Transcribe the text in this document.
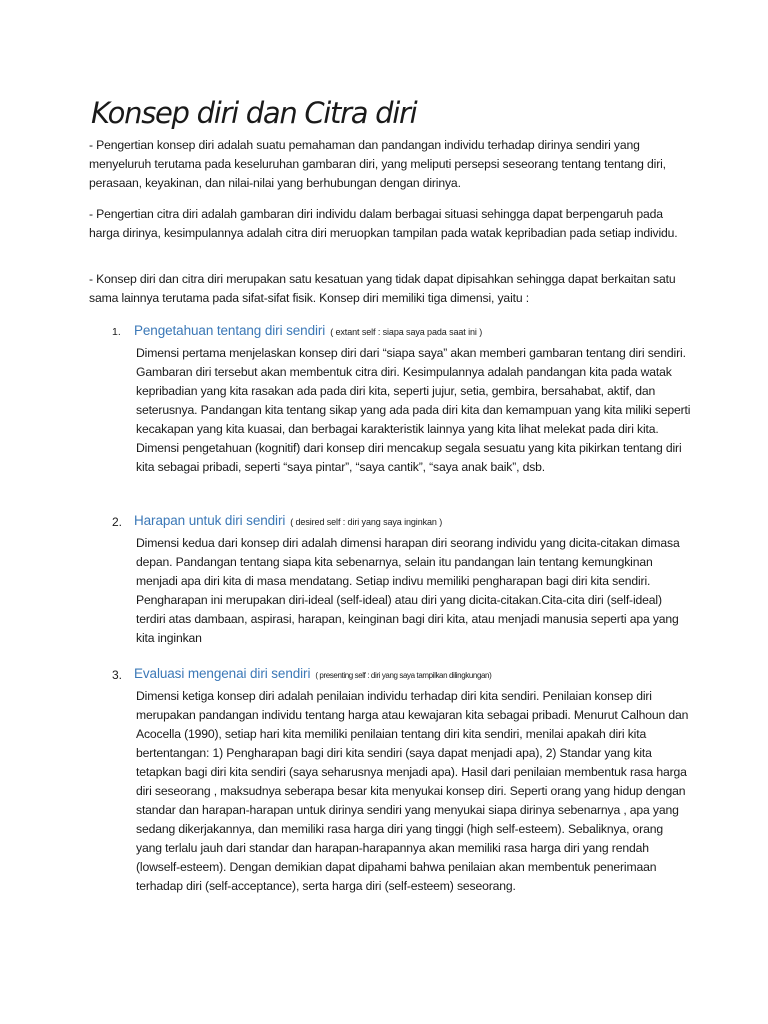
Konsep diri dan Citra diri

- Pengertian konsep diri adalah suatu pemahaman dan pandangan individu terhadap dirinya sendiri yang menyeluruh terutama pada keseluruhan gambaran diri, yang meliputi persepsi seseorang tentang tentang diri, perasaan, keyakinan, dan nilai-nilai yang berhubungan dengan dirinya.

- Pengertian citra diri adalah gambaran diri individu dalam berbagai situasi sehingga dapat berpengaruh pada harga dirinya, kesimpulannya adalah citra diri meruopkan tampilan pada watak kepribadian pada setiap individu.

- Konsep diri dan citra diri merupakan satu kesatuan yang tidak dapat dipisahkan sehingga dapat berkaitan satu sama lainnya terutama pada sifat-sifat fisik. Konsep diri memiliki tiga dimensi, yaitu :

1. Pengetahuan tentang diri sendiri ( extant self : siapa saya pada saat ini )

Dimensi pertama menjelaskan konsep diri dari “siapa saya” akan memberi gambaran tentang diri sendiri. Gambaran diri tersebut akan membentuk citra diri. Kesimpulannya adalah pandangan kita pada watak kepribadian yang kita rasakan ada pada diri kita, seperti jujur, setia, gembira, bersahabat, aktif, dan seterusnya. Pandangan kita tentang sikap yang ada pada diri kita dan kemampuan yang kita miliki seperti kecakapan yang kita kuasai, dan berbagai karakteristik lainnya yang kita lihat melekat pada diri kita. Dimensi pengetahuan (kognitif) dari konsep diri mencakup segala sesuatu yang kita pikirkan tentang diri kita sebagai pribadi, seperti “saya pintar”, “saya cantik”, “saya anak baik”, dsb.

2. Harapan untuk diri sendiri ( desired self : diri yang saya inginkan )

Dimensi kedua dari konsep diri adalah dimensi harapan diri seorang individu yang dicita-citakan dimasa depan. Pandangan tentang siapa kita sebenarnya, selain itu pandangan lain tentang kemungkinan menjadi apa diri kita di masa mendatang. Setiap indivu memiliki pengharapan bagi diri kita sendiri. Pengharapan ini merupakan diri-ideal (self-ideal) atau diri yang dicita-citakan.Cita-cita diri (self-ideal) terdiri atas dambaan, aspirasi, harapan, keinginan bagi diri kita, atau menjadi manusia seperti apa yang kita inginkan

3. Evaluasi mengenai diri sendiri ( presenting self : diri yang saya tampilkan dilingkungan)

Dimensi ketiga konsep diri adalah penilaian individu terhadap diri kita sendiri. Penilaian konsep diri merupakan pandangan individu tentang harga atau kewajaran kita sebagai pribadi. Menurut Calhoun dan Acocella (1990), setiap hari kita memiliki penilaian tentang diri kita sendiri, menilai apakah diri kita bertentangan: 1) Pengharapan bagi diri kita sendiri (saya dapat menjadi apa), 2) Standar yang kita tetapkan bagi diri kita sendiri (saya seharusnya menjadi apa). Hasil dari penilaian membentuk rasa harga diri seseorang , maksudnya seberapa besar kita menyukai konsep diri. Seperti orang yang hidup dengan standar dan harapan-harapan untuk dirinya sendiri yang menyukai siapa dirinya sebenarnya , apa yang sedang dikerjakannya, dan memiliki rasa harga diri yang tinggi (high self-esteem). Sebaliknya, orang yang terlalu jauh dari standar dan harapan-harapannya akan memiliki rasa harga diri yang rendah (lowself-esteem). Dengan demikian dapat dipahami bahwa penilaian akan membentuk penerimaan terhadap diri (self-acceptance), serta harga diri (self-esteem) seseorang.
